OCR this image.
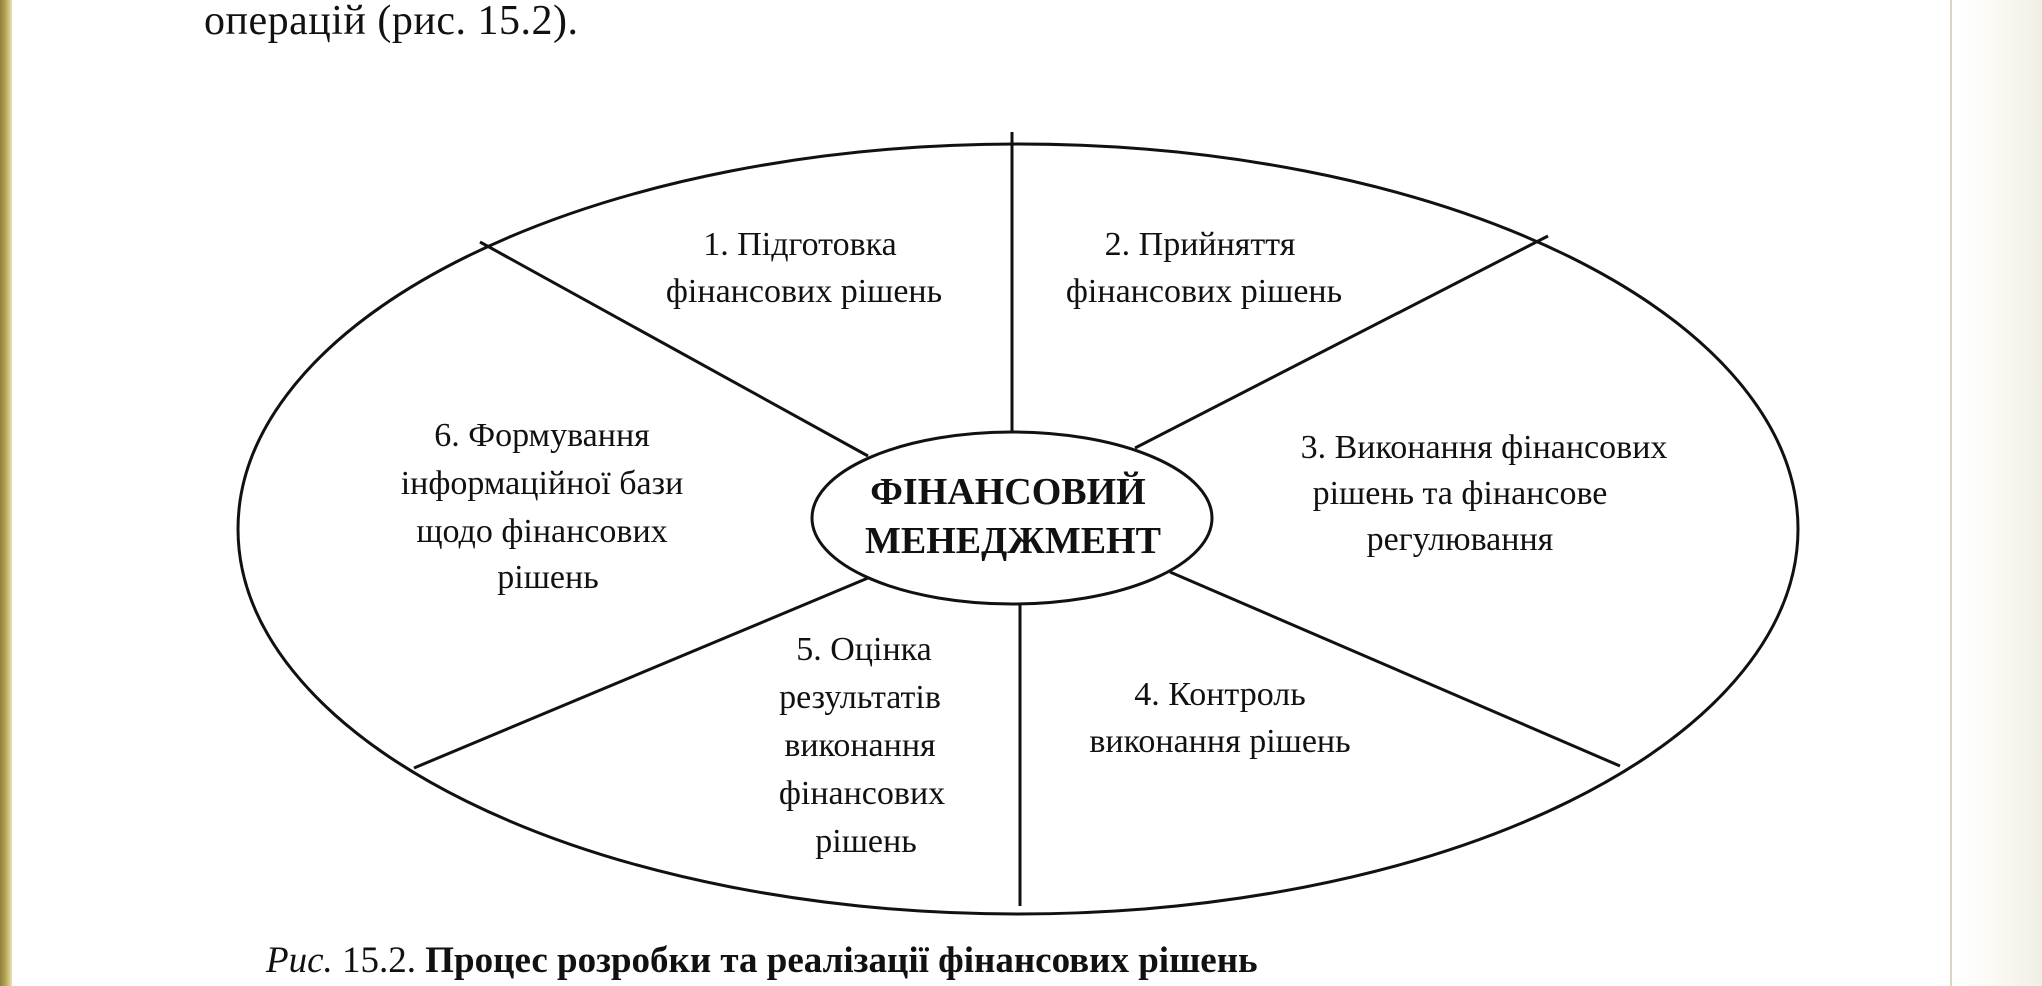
операцій (рис. 15.2).

ФІНАНСОВИЙ
МЕНЕДЖМЕНТ
1. Підготовка
фінансових рішень
2. Прийняття
фінансових рішень
3. Виконання фінансових
рішень та фінансове
регулювання
4. Контроль
виконання рішень
5. Оцінка
результатів
виконання
фінансових
рішень
6. Формування
інформаційної бази
щодо фінансових
рішень

Рис. 15.2. Процес розробки та реалізації фінансових рішень
